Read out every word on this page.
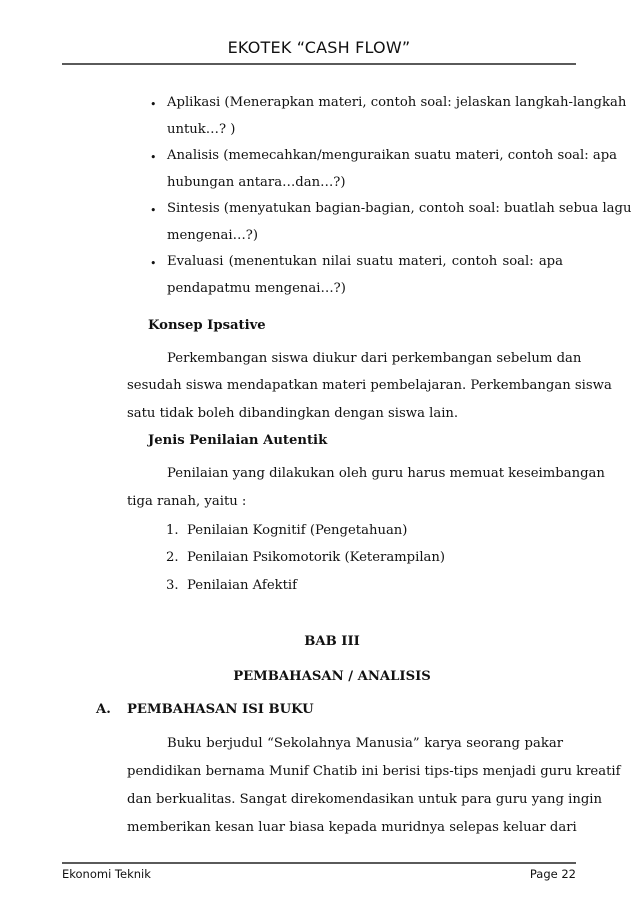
EKOTEK “CASH FLOW”
• Aplikasi (Menerapkan materi, contoh soal: jelaskan langkah-langkah
untuk…? )
• Analisis (memecahkan/menguraikan suatu materi, contoh soal: apa
hubungan antara…dan…?)
• Sintesis (menyatukan bagian-bagian, contoh soal: buatlah sebua lagu
mengenai…?)
• Evaluasi (menentukan nilai suatu materi, contoh soal: apa
pendapatmu mengenai…?)
Konsep Ipsative
Perkembangan siswa diukur dari perkembangan sebelum dan
sesudah siswa mendapatkan materi pembelajaran. Perkembangan siswa
satu tidak boleh dibandingkan dengan siswa lain.
Jenis Penilaian Autentik
Penilaian yang dilakukan oleh guru harus memuat keseimbangan
tiga ranah, yaitu :
1. Penilaian Kognitif (Pengetahuan)
2. Penilaian Psikomotorik (Keterampilan)
3. Penilaian Afektif
BAB III
PEMBAHASAN / ANALISIS
A. PEMBAHASAN ISI BUKU
Buku berjudul “Sekolahnya Manusia” karya seorang pakar
pendidikan bernama Munif Chatib ini berisi tips-tips menjadi guru kreatif
dan berkualitas. Sangat direkomendasikan untuk para guru yang ingin
memberikan kesan luar biasa kepada muridnya selepas keluar dari
Ekonomi Teknik	Page 22
